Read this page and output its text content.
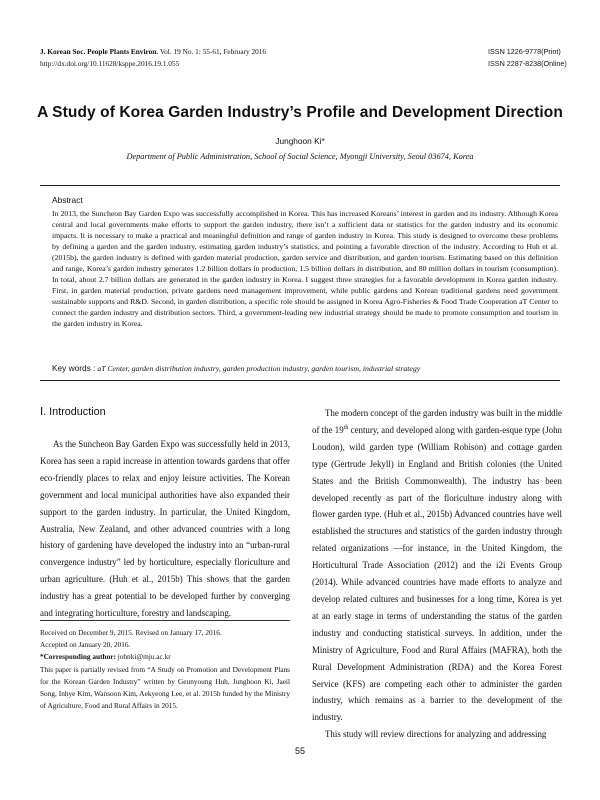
J. Korean Soc. People Plants Environ. Vol. 19 No. 1: 55-61, February 2016
http://dx.doi.org/10.11628/ksppe.2016.19.1.055
ISSN 1226-9778(Print)
ISSN 2287-8238(Online)
A Study of Korea Garden Industry’s Profile and Development Direction
Junghoon Ki*
Department of Public Administration, School of Social Science, Myongji University, Seoul 03674, Korea
Abstract
In 2013, the Suncheon Bay Garden Expo was successfully accomplished in Korea. This has increased Koreans’ interest in garden and its industry. Although Korea central and local governments make efforts to support the garden industry, there isn’t a sufficient data or statistics for the garden industry and its economic impacts. It is necessary to make a practical and meaningful definition and range of garden industry in Korea. This study is designed to overcome these problems by defining a garden and the garden industry, estimating garden industry’s statistics, and pointing a favorable direction of the industry. According to Huh et al. (2015b), the garden industry is defined with garden material production, garden service and distribution, and garden tourism. Estimating based on this definition and range, Korea’s garden industry generates 1.2 billion dollars in production, 1.5 billion dollars in distribution, and 80 million dollars in tourism (consumption). In total, about 2.7 billion dollars are generated in the garden industry in Korea. I suggest three strategies for a favorable development in Korea garden industry. First, in garden material production, private gardens need management improvement, while public gardens and Korean traditional gardens need government sustainable supports and R&D. Second, in garden distribution, a specific role should be assigned in Korea Agro-Fisheries & Food Trade Cooperation aT Center to connect the garden industry and distribution sectors. Third, a government-leading new industrial strategy should be made to promote consumption and tourism in the garden industry in Korea.
Key words : aT Center, garden distribution industry, garden production industry, garden tourism, industrial strategy
Ⅰ. Introduction

As the Suncheon Bay Garden Expo was successfully held in 2013, Korea has seen a rapid increase in attention towards gardens that offer eco-friendly places to relax and enjoy leisure activities. The Korean government and local municipal authorities have also expanded their support to the garden industry. In particular, the United Kingdom, Australia, New Zealand, and other advanced countries with a long history of gardening have developed the industry into an “urban-rural convergence industry” led by horticulture, especially floriculture and urban agriculture. (Huh et al., 2015b) This shows that the garden industry has a great potential to be developed further by converging and integrating horticulture, forestry and landscaping.

Received on December 9, 2015. Revised on January 17, 2016.

Accepted on January 20, 2016.

*Corresponding author: johnki@mju.ac.kr

This paper is partially revised from “A Study on Promotion and Development Plans for the Korean Garden Industry” written by Geunyoung Huh, Junghoon Ki, Jaeil Song, Inhye Kim, Wansoon Kim, Aekyeong Lee, et al. 2015b funded by the Ministry of Agriculture, Food and Rural Affairs in 2015.

The modern concept of the garden industry was built in the middle of the 19th century, and developed along with garden-esque type (John Loudon), wild garden type (William Robison) and cottage garden type (Gertrude Jekyll) in England and British colonies (the United States and the British Commonwealth). The industry has been developed recently as part of the floriculture industry along with flower garden type. (Huh et al., 2015b) Advanced countries have well established the structures and statistics of the garden industry through related organizations —for instance, in the United Kingdom, the Horticultural Trade Association (2012) and the i2i Events Group (2014). While advanced countries have made efforts to analyze and develop related cultures and businesses for a long time, Korea is yet at an early stage in terms of understanding the status of the garden industry and conducting statistical surveys. In addition, under the Ministry of Agriculture, Food and Rural Affairs (MAFRA), both the Rural Development Administration (RDA) and the Korea Forest Service (KFS) are competing each other to administer the garden industry, which remains as a barrier to the development of the industry.

This study will review directions for analyzing and addressing

55
